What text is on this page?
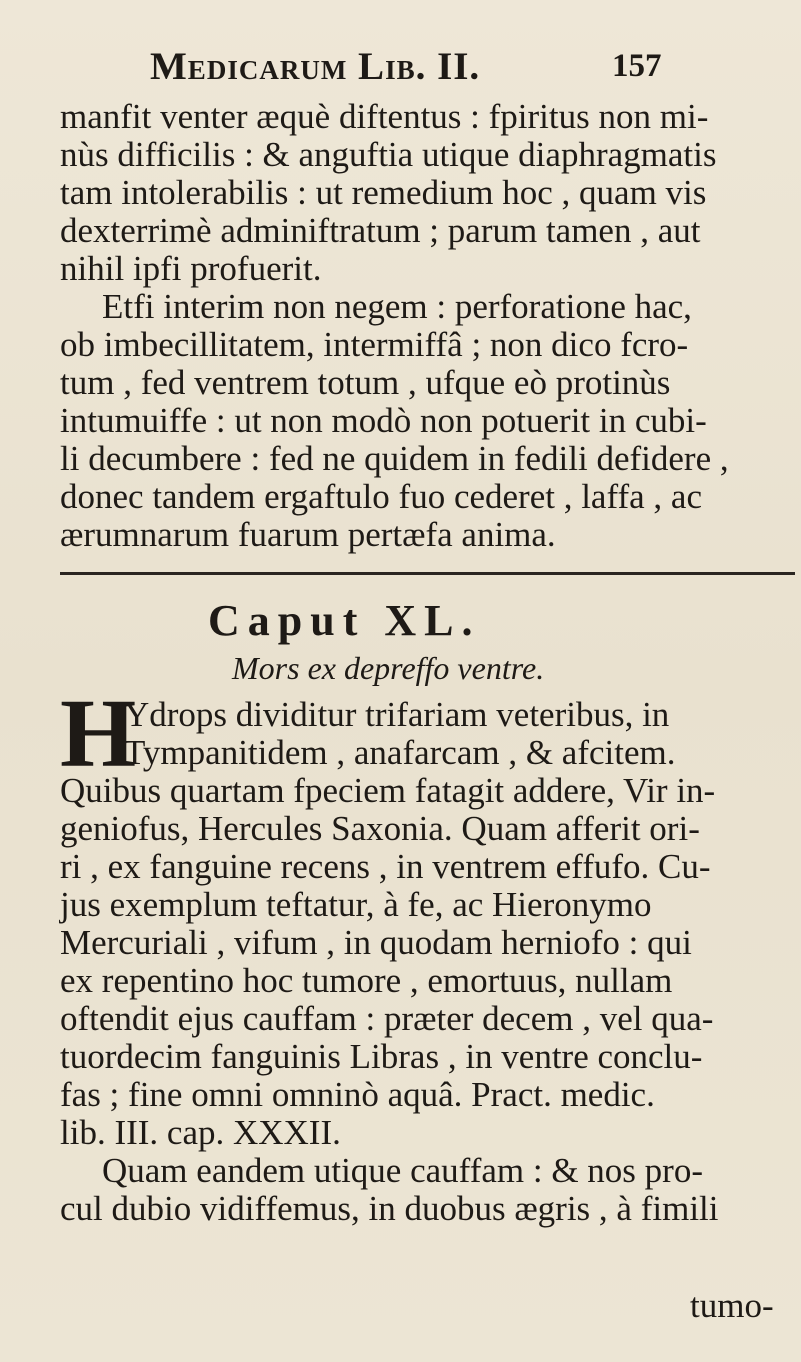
Medicarum Lib. II.	157
manfit venter æquè diftentus : fpiritus non mi-
nùs difficilis : & anguftia utique diaphragmatis
tam intolerabilis : ut remedium hoc , quam vis
dexterrimè adminiftratum ; parum tamen , aut
nihil ipfi profuerit.
Etfi interim non negem : perforatione hac,
ob imbecillitatem, intermiffâ ; non dico fcro-
tum , fed ventrem totum , ufque eò protinùs
intumuiffe : ut non modò non potuerit in cubi-
li decumbere : fed ne quidem in fedili defidere ,
donec tandem ergaftulo fuo cederet , laffa , ac
ærumnarum fuarum pertæfa anima.
Caput XL.
Mors ex depreffo ventre.
H
Ydrops dividitur trifariam veteribus, in
Tympanitidem , anafarcam , & afcitem.
Quibus quartam fpeciem fatagit addere, Vir in-
geniofus, Hercules Saxonia. Quam afferit ori-
ri , ex fanguine recens , in ventrem effufo. Cu-
jus exemplum teftatur, à fe, ac Hieronymo
Mercuriali , vifum , in quodam herniofo : qui
ex repentino hoc tumore , emortuus, nullam
oftendit ejus cauffam : præter decem , vel qua-
tuordecim fanguinis Libras , in ventre conclu-
fas ; fine omni omninò aquâ. Pract. medic.
lib. III. cap. XXXII.
Quam eandem utique cauffam : & nos pro-
cul dubio vidiffemus, in duobus ægris , à fimili
tumo-
